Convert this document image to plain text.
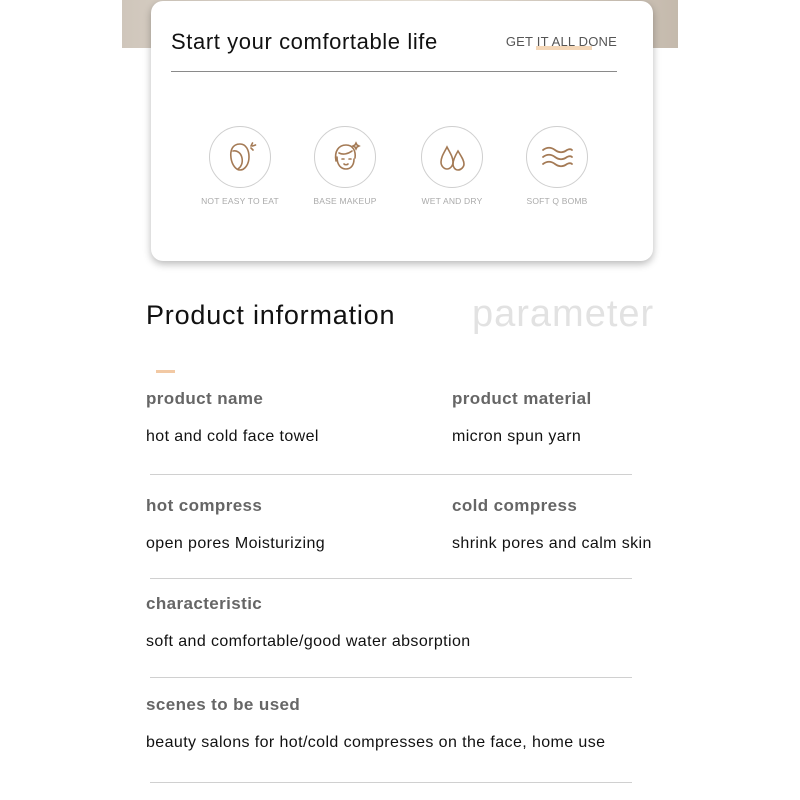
Start your comfortable life	GET IT ALL DONE
NOT EASY TO EAT	BASE MAKEUP	WET AND DRY	SOFT Q BOMB
Product information parameter
product name
hot and cold face towel
product material
micron spun yarn
hot compress
open pores Moisturizing
cold compress
shrink pores and calm skin
characteristic
soft and comfortable/good water absorption
scenes to be used
beauty salons for hot/cold compresses on the face, home use
